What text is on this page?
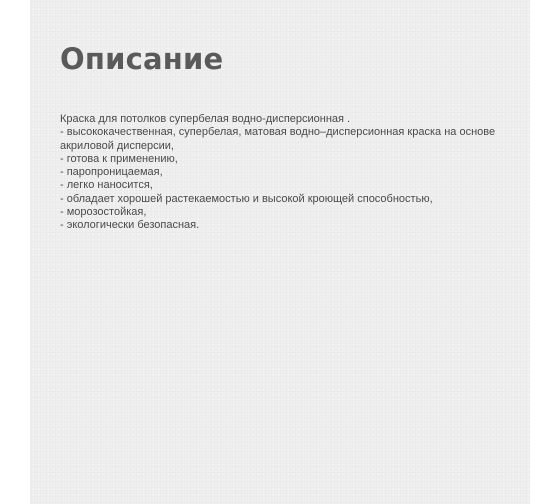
Описание
Краска для потолков супербелая водно-дисперсионная .
- высококачественная, супербелая, матовая водно–дисперсионная краска на основе
акриловой дисперсии,
- готова к применению,
- паропроницаемая,
- легко наносится,
- обладает хорошей растекаемостью и высокой кроющей способностью,
- морозостойкая,
- экологически безопасная.
